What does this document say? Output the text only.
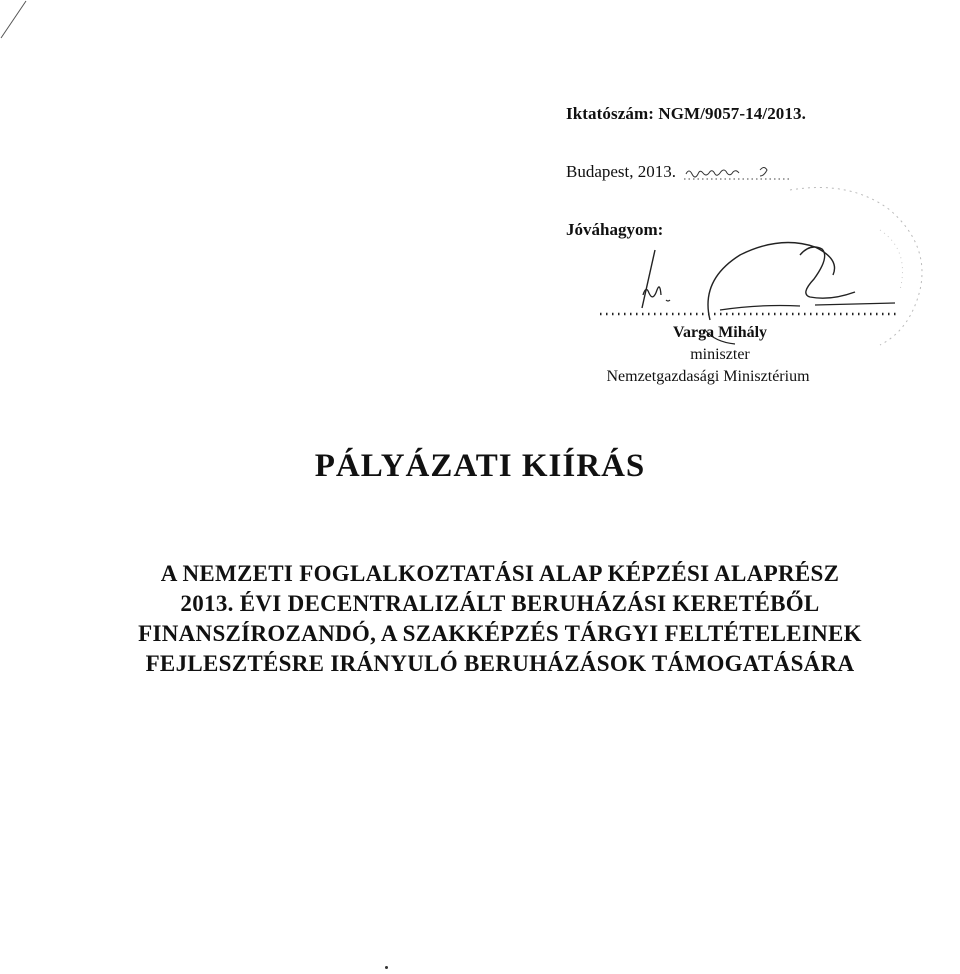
Iktatószám: NGM/9057-14/2013.
Budapest, 2013.
Jóváhagyom:
Varga Mihály
miniszter
Nemzetgazdasági Minisztérium
PÁLYÁZATI KIÍRÁS
A NEMZETI FOGLALKOZTATÁSI ALAP KÉPZÉSI ALAPRÉSZ
2013. ÉVI DECENTRALIZÁLT BERUHÁZÁSI KERETÉBŐL
FINANSZÍROZANDÓ, A SZAKKÉPZÉS TÁRGYI FELTÉTELEINEK
FEJLESZTÉSRE IRÁNYULÓ BERUHÁZÁSOK TÁMOGATÁSÁRA
